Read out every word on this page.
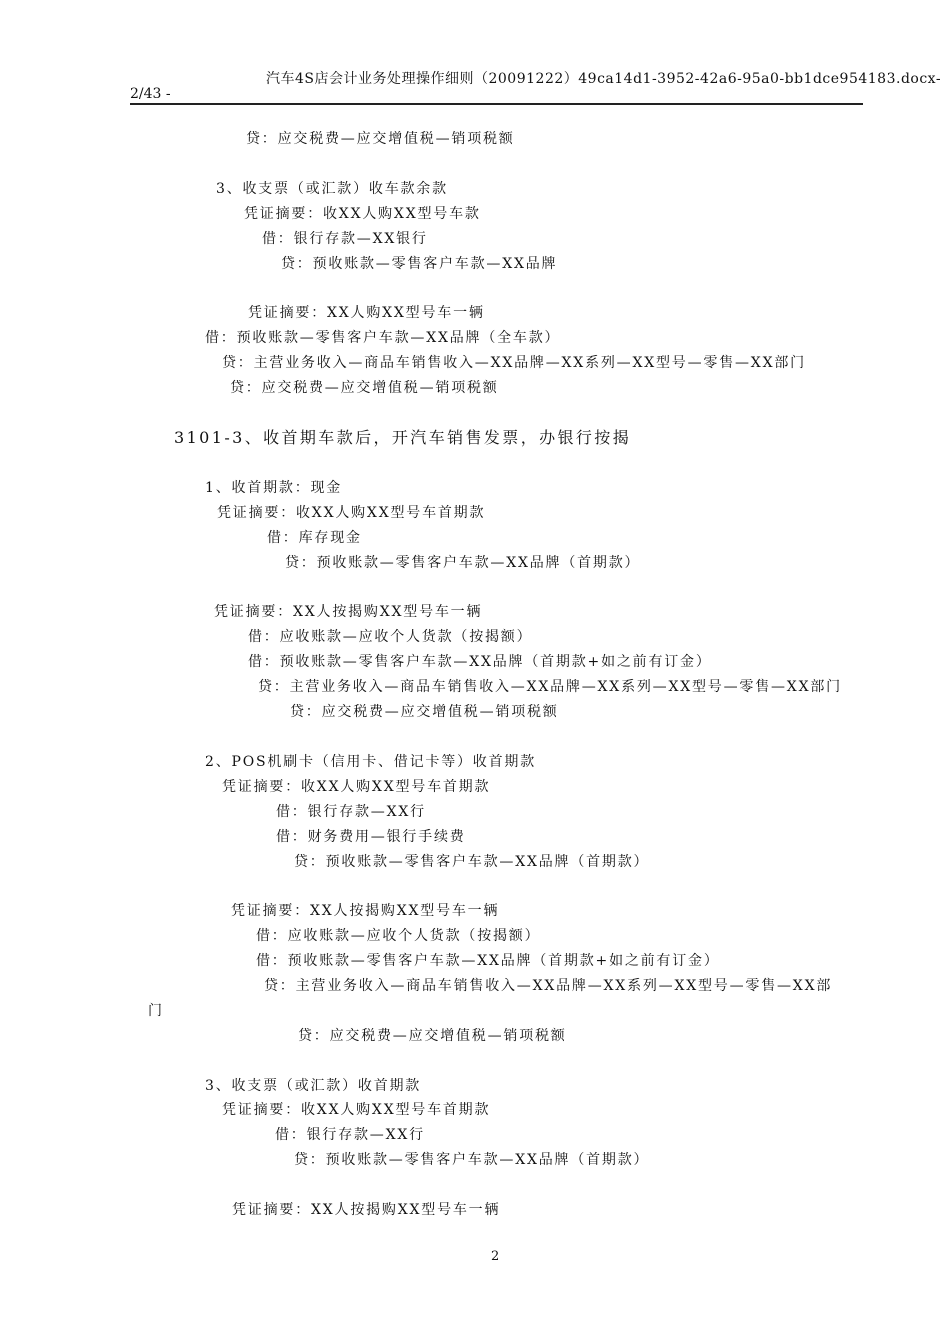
汽车4S店会计业务处理操作细则（20091222）49ca14d1-3952-42a6-95a0-bb1dce954183.docx-
2/43 -
贷：应交税费—应交增值税—销项税额
3、收支票（或汇款）收车款余款
凭证摘要：收XX人购XX型号车款
借：银行存款—XX银行
贷：预收账款—零售客户车款—XX品牌
凭证摘要：XX人购XX型号车一辆
借：预收账款—零售客户车款—XX品牌（全车款）
贷：主营业务收入—商品车销售收入—XX品牌—XX系列—XX型号—零售—XX部门
贷：应交税费—应交增值税—销项税额
3101-3、收首期车款后，开汽车销售发票，办银行按揭
1、收首期款：现金
凭证摘要：收XX人购XX型号车首期款
借：库存现金
贷：预收账款—零售客户车款—XX品牌（首期款）
凭证摘要：XX人按揭购XX型号车一辆
借：应收账款—应收个人货款（按揭额）
借：预收账款—零售客户车款—XX品牌（首期款+如之前有订金）
贷：主营业务收入—商品车销售收入—XX品牌—XX系列—XX型号—零售—XX部门
贷：应交税费—应交增值税—销项税额
2、POS机刷卡（信用卡、借记卡等）收首期款
凭证摘要：收XX人购XX型号车首期款
借：银行存款—XX行
借：财务费用—银行手续费
贷：预收账款—零售客户车款—XX品牌（首期款）
凭证摘要：XX人按揭购XX型号车一辆
借：应收账款—应收个人货款（按揭额）
借：预收账款—零售客户车款—XX品牌（首期款+如之前有订金）
贷：主营业务收入—商品车销售收入—XX品牌—XX系列—XX型号—零售—XX部
门
贷：应交税费—应交增值税—销项税额
3、收支票（或汇款）收首期款
凭证摘要：收XX人购XX型号车首期款
借：银行存款—XX行
贷：预收账款—零售客户车款—XX品牌（首期款）
凭证摘要：XX人按揭购XX型号车一辆
2
